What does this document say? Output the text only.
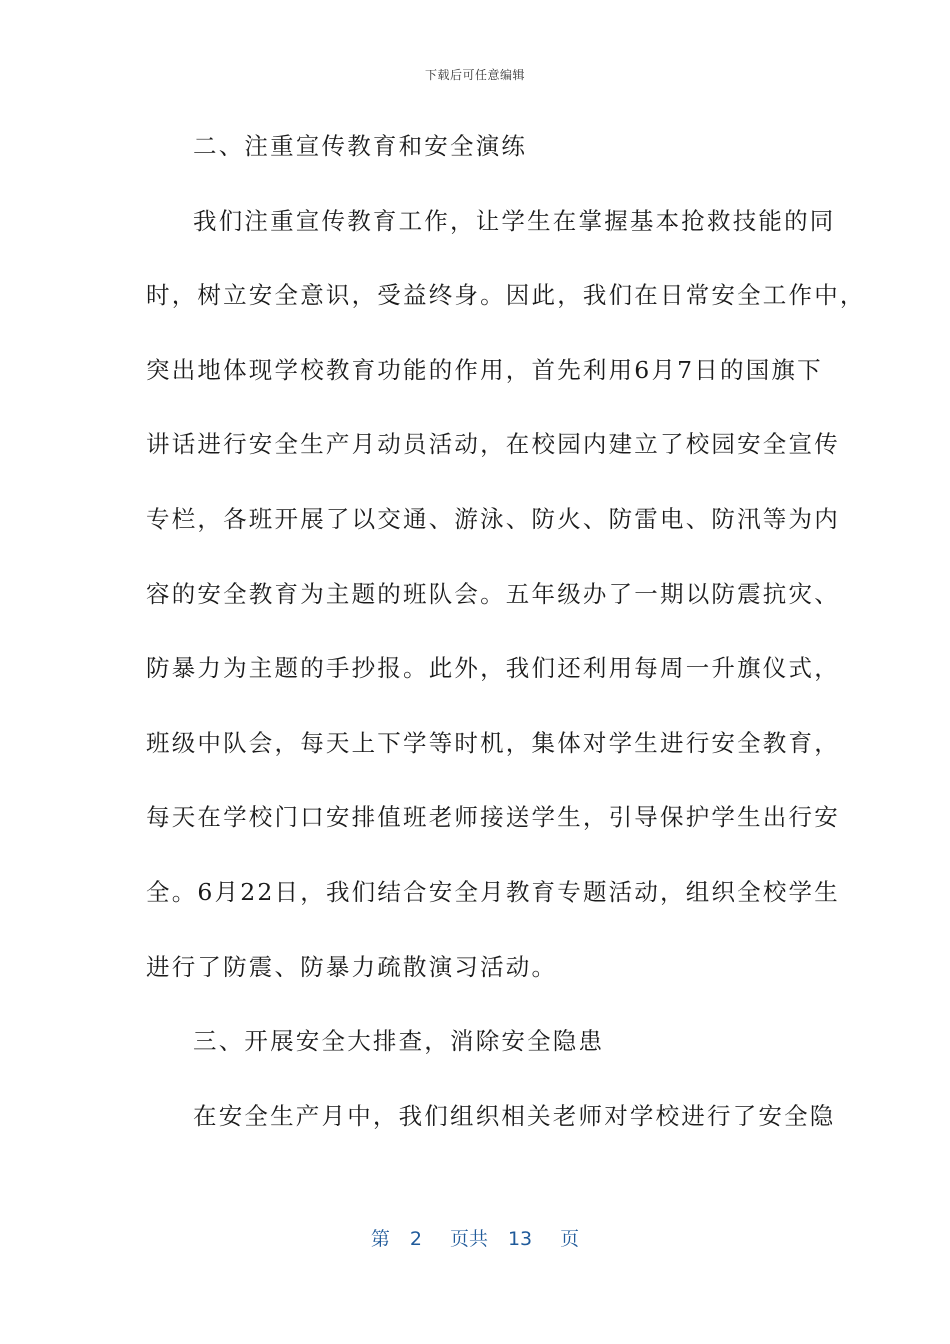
下载后可任意编辑
二、注重宣传教育和安全演练
我们注重宣传教育工作，让学生在掌握基本抢救技能的同
时，树立安全意识，受益终身。因此，我们在日常安全工作中，
突出地体现学校教育功能的作用，首先利用6月7日的国旗下
讲话进行安全生产月动员活动，在校园内建立了校园安全宣传
专栏，各班开展了以交通、游泳、防火、防雷电、防汛等为内
容的安全教育为主题的班队会。五年级办了一期以防震抗灾、
防暴力为主题的手抄报。此外，我们还利用每周一升旗仪式，
班级中队会，每天上下学等时机，集体对学生进行安全教育，
每天在学校门口安排值班老师接送学生，引导保护学生出行安
全。6月22日，我们结合安全月教育专题活动，组织全校学生
进行了防震、防暴力疏散演习活动。
三、开展安全大排查，消除安全隐患
在安全生产月中，我们组织相关老师对学校进行了安全隐
第 2 页共 13 页
